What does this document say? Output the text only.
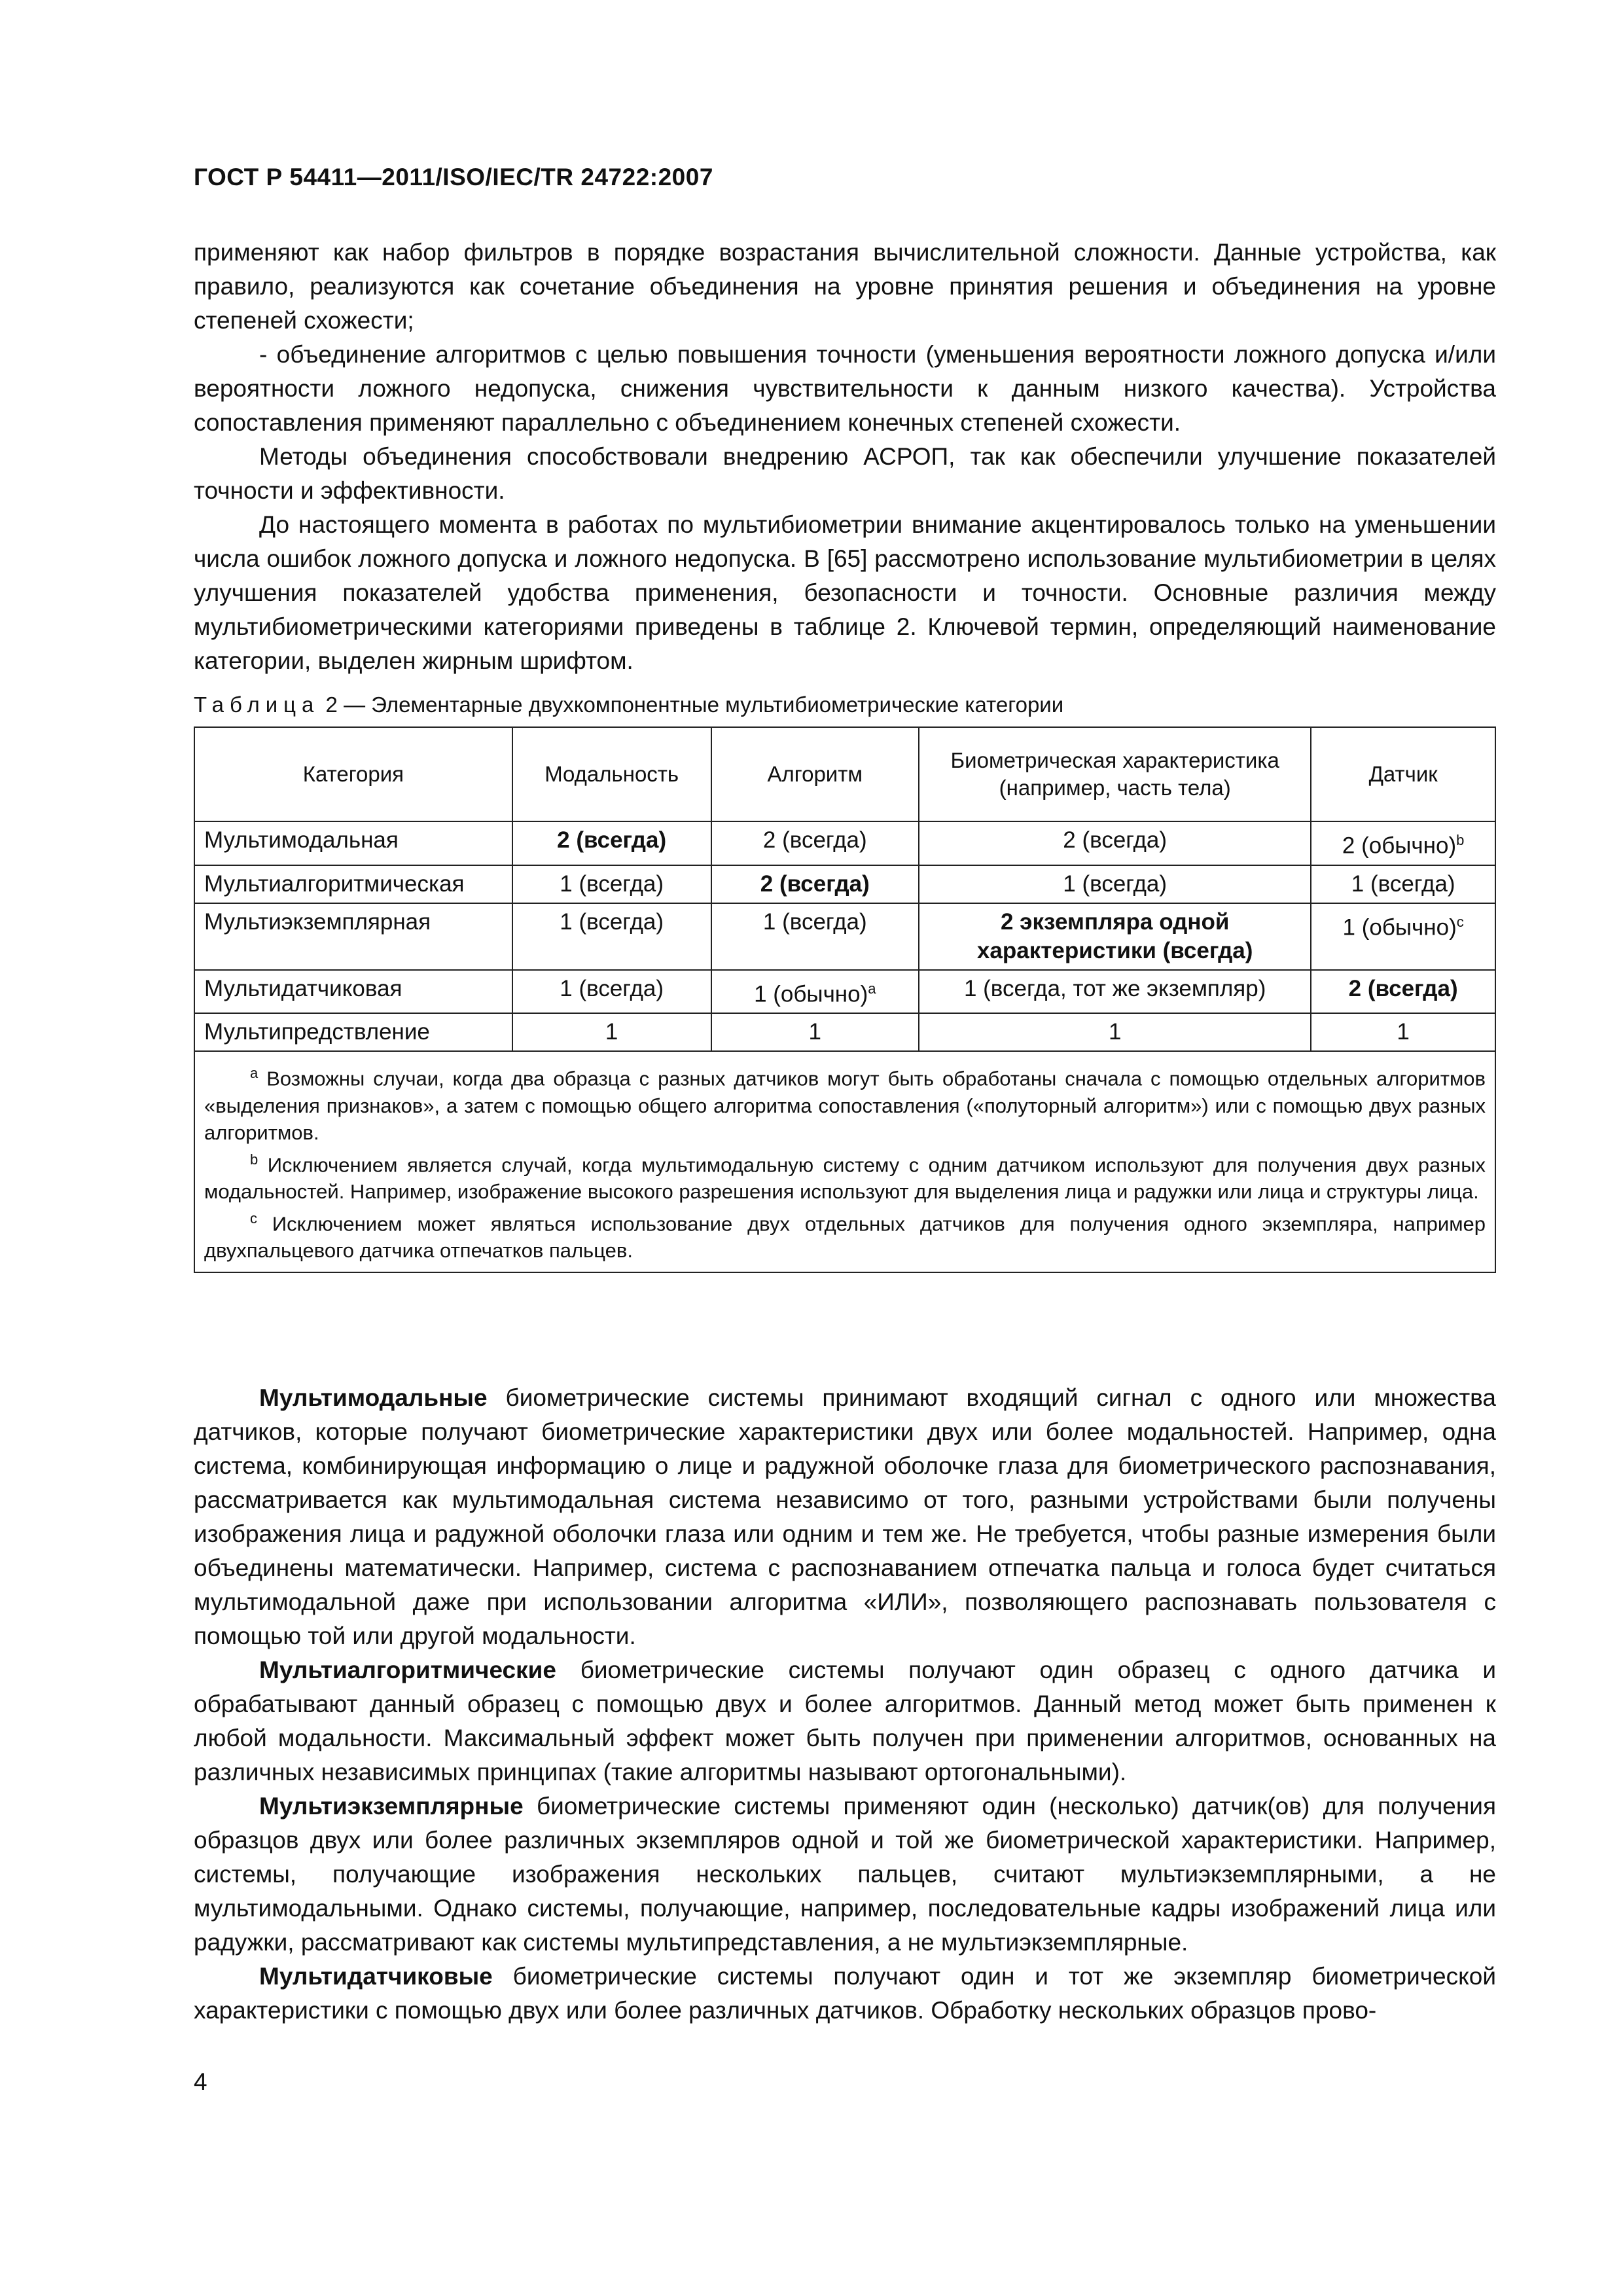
ГОСТ Р 54411—2011/ISO/IEC/TR 24722:2007

применяют как набор фильтров в порядке возрастания вычислительной сложности. Данные устройства, как правило, реализуются как сочетание объединения на уровне принятия решения и объединения на уровне степеней схожести;

- объединение алгоритмов с целью повышения точности (уменьшения вероятности ложного допуска и/или вероятности ложного недопуска, снижения чувствительности к данным низкого качества). Устройства сопоставления применяют параллельно с объединением конечных степеней схожести.

Методы объединения способствовали внедрению АСРОП, так как обеспечили улучшение показателей точности и эффективности.

До настоящего момента в работах по мультибиометрии внимание акцентировалось только на уменьшении числа ошибок ложного допуска и ложного недопуска. В [65] рассмотрено использование мультибиометрии в целях улучшения показателей удобства применения, безопасности и точности. Основные различия между мультибиометрическими категориями приведены в таблице 2. Ключевой термин, определяющий наименование категории, выделен жирным шрифтом.

Таблица 2 — Элементарные двухкомпонентные мультибиометрические категории
Категория	Модальность	Алгоритм	Биометрическая характеристика (например, часть тела)	Датчик
Мультимодальная	2 (всегда)	2 (всегда)	2 (всегда)	2 (обычно)$^b$
Мультиалгоритмическая	1 (всегда)	2 (всегда)	1 (всегда)	1 (всегда)
Мультиэкземплярная	1 (всегда)	1 (всегда)	2 экземпляра одной характеристики (всегда)	1 (обычно)$^c$
Мультидатчиковая	1 (всегда)	1 (обычно)$^a$	1 (всегда, тот же экземпляр)	2 (всегда)
Мультипредствление	1	1	1	1

$^a$ Возможны случаи, когда два образца с разных датчиков могут быть обработаны сначала с помощью отдельных алгоритмов «выделения признаков», а затем с помощью общего алгоритма сопоставления («полуторный алгоритм») или с помощью двух разных алгоритмов.

$^b$ Исключением является случай, когда мультимодальную систему с одним датчиком используют для получения двух разных модальностей. Например, изображение высокого разрешения используют для выделения лица и радужки или лица и структуры лица.

$^c$ Исключением может являться использование двух отдельных датчиков для получения одного экземпляра, например двухпальцевого датчика отпечатков пальцев.				

Мультимодальные биометрические системы принимают входящий сигнал с одного или множества датчиков, которые получают биометрические характеристики двух или более модальностей. Например, одна система, комбинирующая информацию о лице и радужной оболочке глаза для биометрического распознавания, рассматривается как мультимодальная система независимо от того, разными устройствами были получены изображения лица и радужной оболочки глаза или одним и тем же. Не требуется, чтобы разные измерения были объединены математически. Например, система с распознаванием отпечатка пальца и голоса будет считаться мультимодальной даже при использовании алгоритма «ИЛИ», позволяющего распознавать пользователя с помощью той или другой модальности.

Мультиалгоритмические биометрические системы получают один образец с одного датчика и обрабатывают данный образец с помощью двух и более алгоритмов. Данный метод может быть применен к любой модальности. Максимальный эффект может быть получен при применении алгоритмов, основанных на различных независимых принципах (такие алгоритмы называют ортогональными).

Мультиэкземплярные биометрические системы применяют один (несколько) датчик(ов) для получения образцов двух или более различных экземпляров одной и той же биометрической характеристики. Например, системы, получающие изображения нескольких пальцев, считают мультиэкземплярными, а не мультимодальными. Однако системы, получающие, например, последовательные кадры изображений лица или радужки, рассматривают как системы мультипредставления, а не мультиэкземплярные.

Мультидатчиковые биометрические системы получают один и тот же экземпляр биометрической характеристики с помощью двух или более различных датчиков. Обработку нескольких образцов прово-

4
